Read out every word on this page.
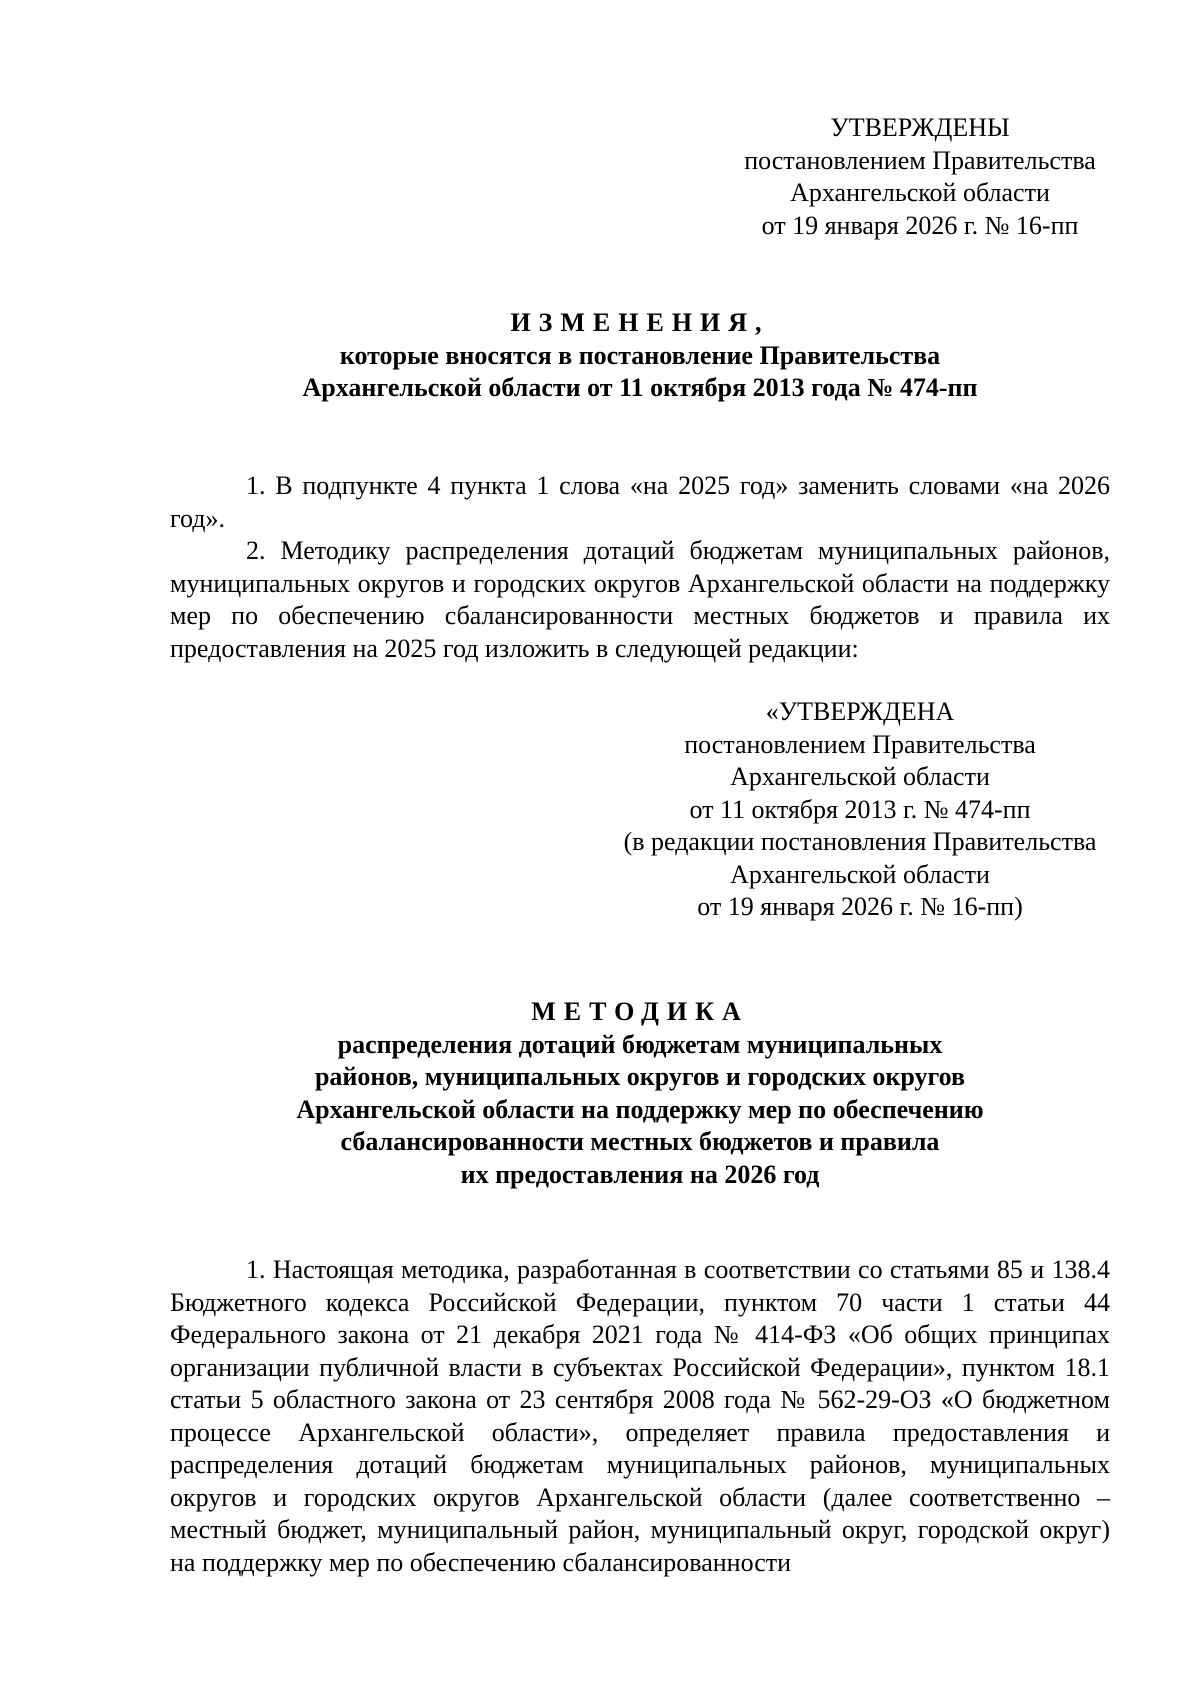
УТВЕРЖДЕНЫ
постановлением Правительства
Архангельской области
от 19 января 2026 г. № 16-пп
ИЗМЕНЕНИЯ,
которые вносятся в постановление Правительства
Архангельской области от 11 октября 2013 года № 474-пп

1. В подпункте 4 пункта 1 слова «на 2025 год» заменить словами «на 2026 год».

2. Методику распределения дотаций бюджетам муниципальных районов, муниципальных округов и городских округов Архангельской области на поддержку мер по обеспечению сбалансированности местных бюджетов и правила их предоставления на 2025 год изложить в следующей редакции:

«УТВЕРЖДЕНА
постановлением Правительства
Архангельской области
от 11 октября 2013 г. № 474-пп
(в редакции постановления Правительства
Архангельской области
от 19 января 2026 г. № 16-пп)
МЕТОДИКА
распределения дотаций бюджетам муниципальных
районов, муниципальных округов и городских округов
Архангельской области на поддержку мер по обеспечению
сбалансированности местных бюджетов и правила
их предоставления на 2026 год

1. Настоящая методика, разработанная в соответствии со статьями 85 и 138.4 Бюджетного кодекса Российской Федерации, пунктом 70 части 1 статьи 44 Федерального закона от 21 декабря 2021 года № 414-ФЗ «Об общих принципах организации публичной власти в субъектах Российской Федерации», пунктом 18.1 статьи 5 областного закона от 23 сентября 2008 года № 562-29-ОЗ «О бюджетном процессе Архангельской области», определяет правила предоставления и распределения дотаций бюджетам муниципальных районов, муниципальных округов и городских округов Архангельской области (далее соответственно – местный бюджет, муниципальный район, муниципальный округ, городской округ) на поддержку мер по обеспечению сбалансированности
